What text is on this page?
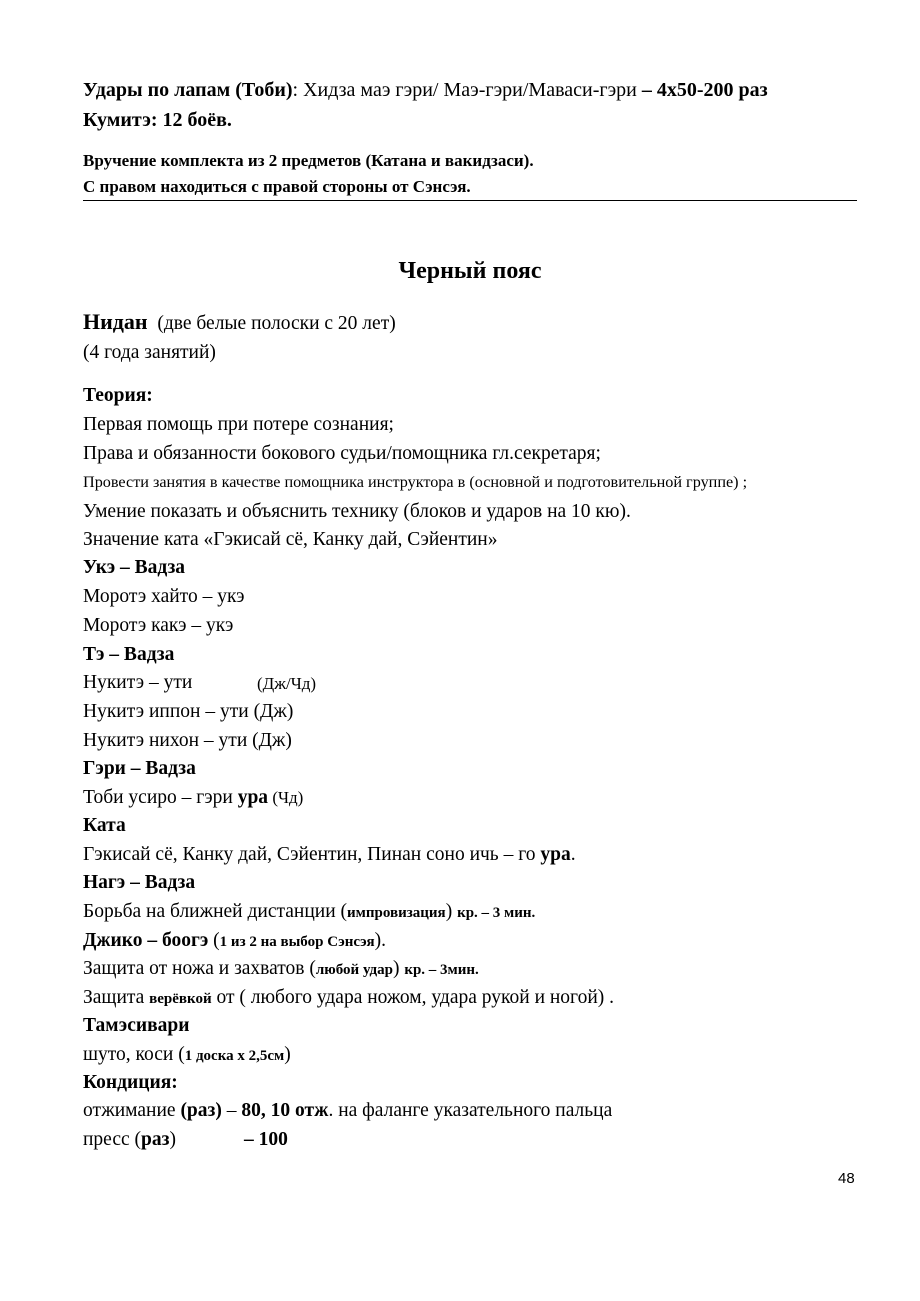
Удары по лапам (Тоби): Хидза маэ гэри/ Маэ-гэри/Маваси-гэри – 4х50-200 раз
Кумитэ: 12 боёв.
Вручение комплекта из 2 предметов (Катана и вакидзаси).
С правом находиться с правой стороны от Сэнсэя.
Черный пояс
Нидан (две белые полоски с 20 лет)
(4 года занятий)
Теория:
Первая помощь при потере сознания;
Права и обязанности бокового судьи/помощника гл.секретаря;
Провести занятия в качестве помощника инструктора в (основной и подготовительной группе) ;
Умение показать и объяснить технику (блоков и ударов на 10 кю).
Значение ката «Гэкисай сё, Канку дай, Сэйентин»
Укэ – Вадза
Моротэ хайто – укэ
Моротэ какэ – укэ
Тэ – Вадза
Нукитэ – ути	(Дж/Чд)
Нукитэ иппон – ути (Дж)
Нукитэ нихон – ути (Дж)
Гэри – Вадза
Тоби усиро – гэри ура (Чд)
Ката
Гэкисай сё, Канку дай, Сэйентин, Пинан соно ичь – го ура.
Нагэ – Вадза
Борьба на ближней дистанции (импровизация) кр. – 3 мин.
Джико – боогэ (1 из 2 на выбор Сэнсэя).
Защита от ножа и захватов (любой удар) кр. – 3мин.
Защита верёвкой от ( любого удара ножом, удара рукой и ногой) .
Тамэсивари
шуто, коси (1 доска х 2,5см)
Кондиция:
отжимание (раз) – 80, 10 отж. на фаланге указательного пальца
пресс (раз)	– 100
48
